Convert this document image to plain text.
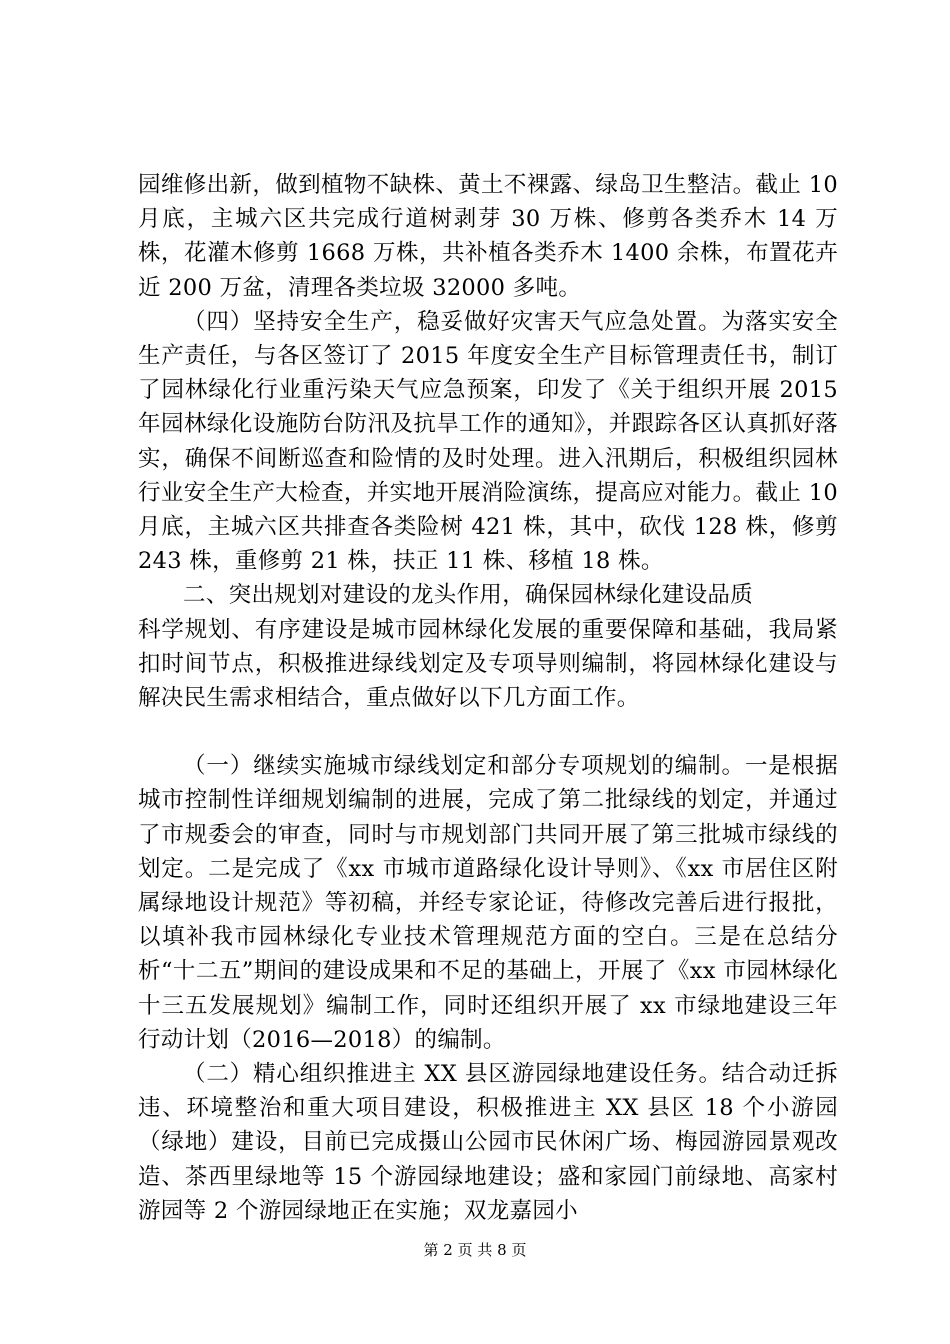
园维修出新，做到植物不缺株、黄土不裸露、绿岛卫生整洁。截止 10 月底，主城六区共完成行道树剥芽 30 万株、修剪各类乔木 14 万株，花灌木修剪 1668 万株，共补植各类乔木 1400 余株，布置花卉近 200 万盆，清理各类垃圾 32000 多吨。

（四）坚持安全生产，稳妥做好灾害天气应急处置。为落实安全生产责任，与各区签订了 2015 年度安全生产目标管理责任书，制订了园林绿化行业重污染天气应急预案，印发了《关于组织开展 2015 年园林绿化设施防台防汛及抗旱工作的通知》，并跟踪各区认真抓好落实，确保不间断巡查和险情的及时处理。进入汛期后，积极组织园林行业安全生产大检查，并实地开展消险演练，提高应对能力。截止 10 月底，主城六区共排查各类险树 421 株，其中，砍伐 128 株，修剪 243 株，重修剪 21 株，扶正 11 株、移植 18 株。

二、突出规划对建设的龙头作用，确保园林绿化建设品质

科学规划、有序建设是城市园林绿化发展的重要保障和基础，我局紧扣时间节点，积极推进绿线划定及专项导则编制，将园林绿化建设与解决民生需求相结合，重点做好以下几方面工作。

（一）继续实施城市绿线划定和部分专项规划的编制。一是根据城市控制性详细规划编制的进展，完成了第二批绿线的划定，并通过了市规委会的审查，同时与市规划部门共同开展了第三批城市绿线的划定。二是完成了《xx 市城市道路绿化设计导则》、《xx 市居住区附属绿地设计规范》等初稿，并经专家论证，待修改完善后进行报批，以填补我市园林绿化专业技术管理规范方面的空白。三是在总结分析“十二五”期间的建设成果和不足的基础上，开展了《xx 市园林绿化十三五发展规划》编制工作，同时还组织开展了 xx 市绿地建设三年行动计划（2016—2018）的编制。

（二）精心组织推进主 XX 县区游园绿地建设任务。结合动迁拆违、环境整治和重大项目建设，积极推进主 XX 县区 18 个小游园（绿地）建设，目前已完成摄山公园市民休闲广场、梅园游园景观改造、茶西里绿地等 15 个游园绿地建设；盛和家园门前绿地、高家村游园等 2 个游园绿地正在实施；双龙嘉园小

第 2 页 共 8 页
